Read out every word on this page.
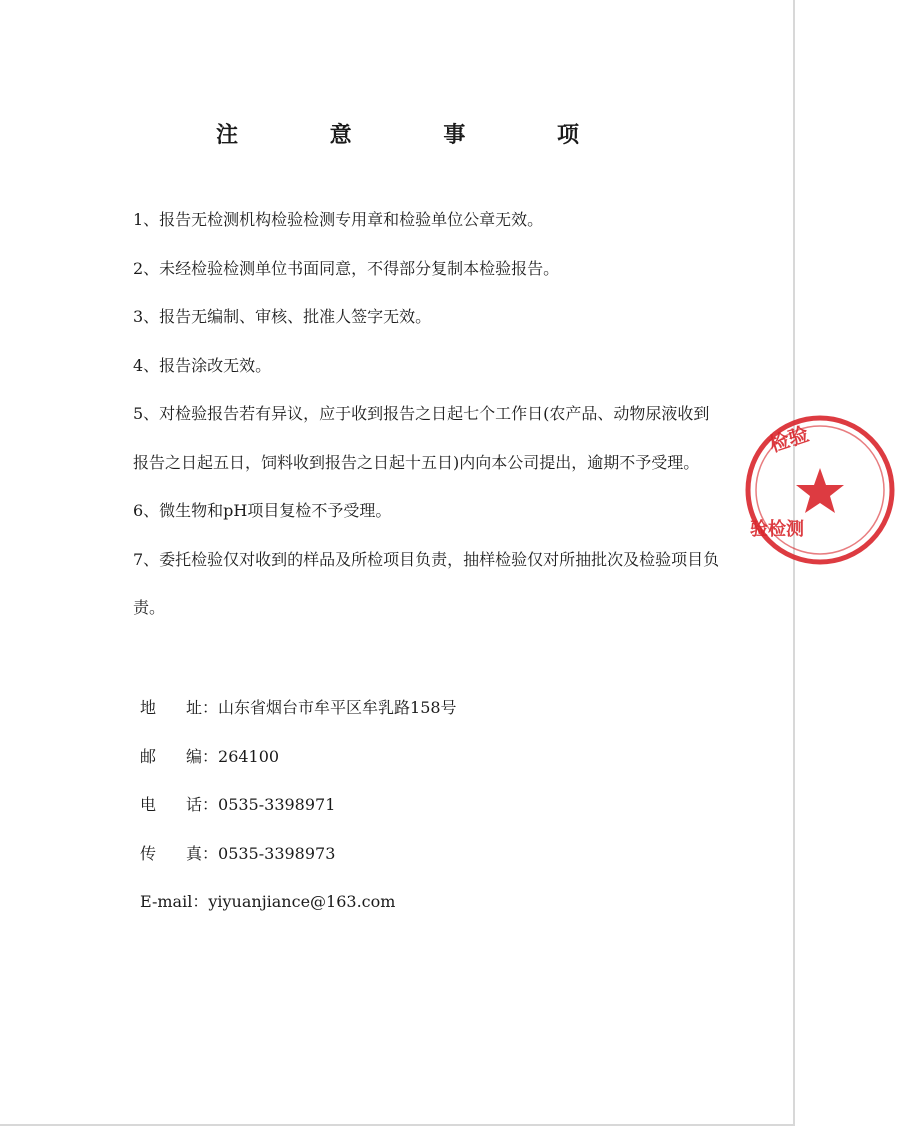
注 意 事 项

1、报告无检测机构检验检测专用章和检验单位公章无效。

2、未经检验检测单位书面同意，不得部分复制本检验报告。

3、报告无编制、审核、批准人签字无效。

4、报告涂改无效。

5、对检验报告若有异议，应于收到报告之日起七个工作日(农产品、动物尿液收到报告之日起五日，饲料收到报告之日起十五日)内向本公司提出，逾期不予受理。

6、微生物和pH项目复检不予受理。

7、委托检验仅对收到的样品及所检项目负责，抽样检验仅对所抽批次及检验项目负责。

地 址 ： 山东省烟台市牟平区牟乳路158号
邮 编 ： 264100
电 话 ： 0535-3398971
传 真 ： 0535-3398973
E-mail ： yiyuanjiance@163.com
检验
验检测
